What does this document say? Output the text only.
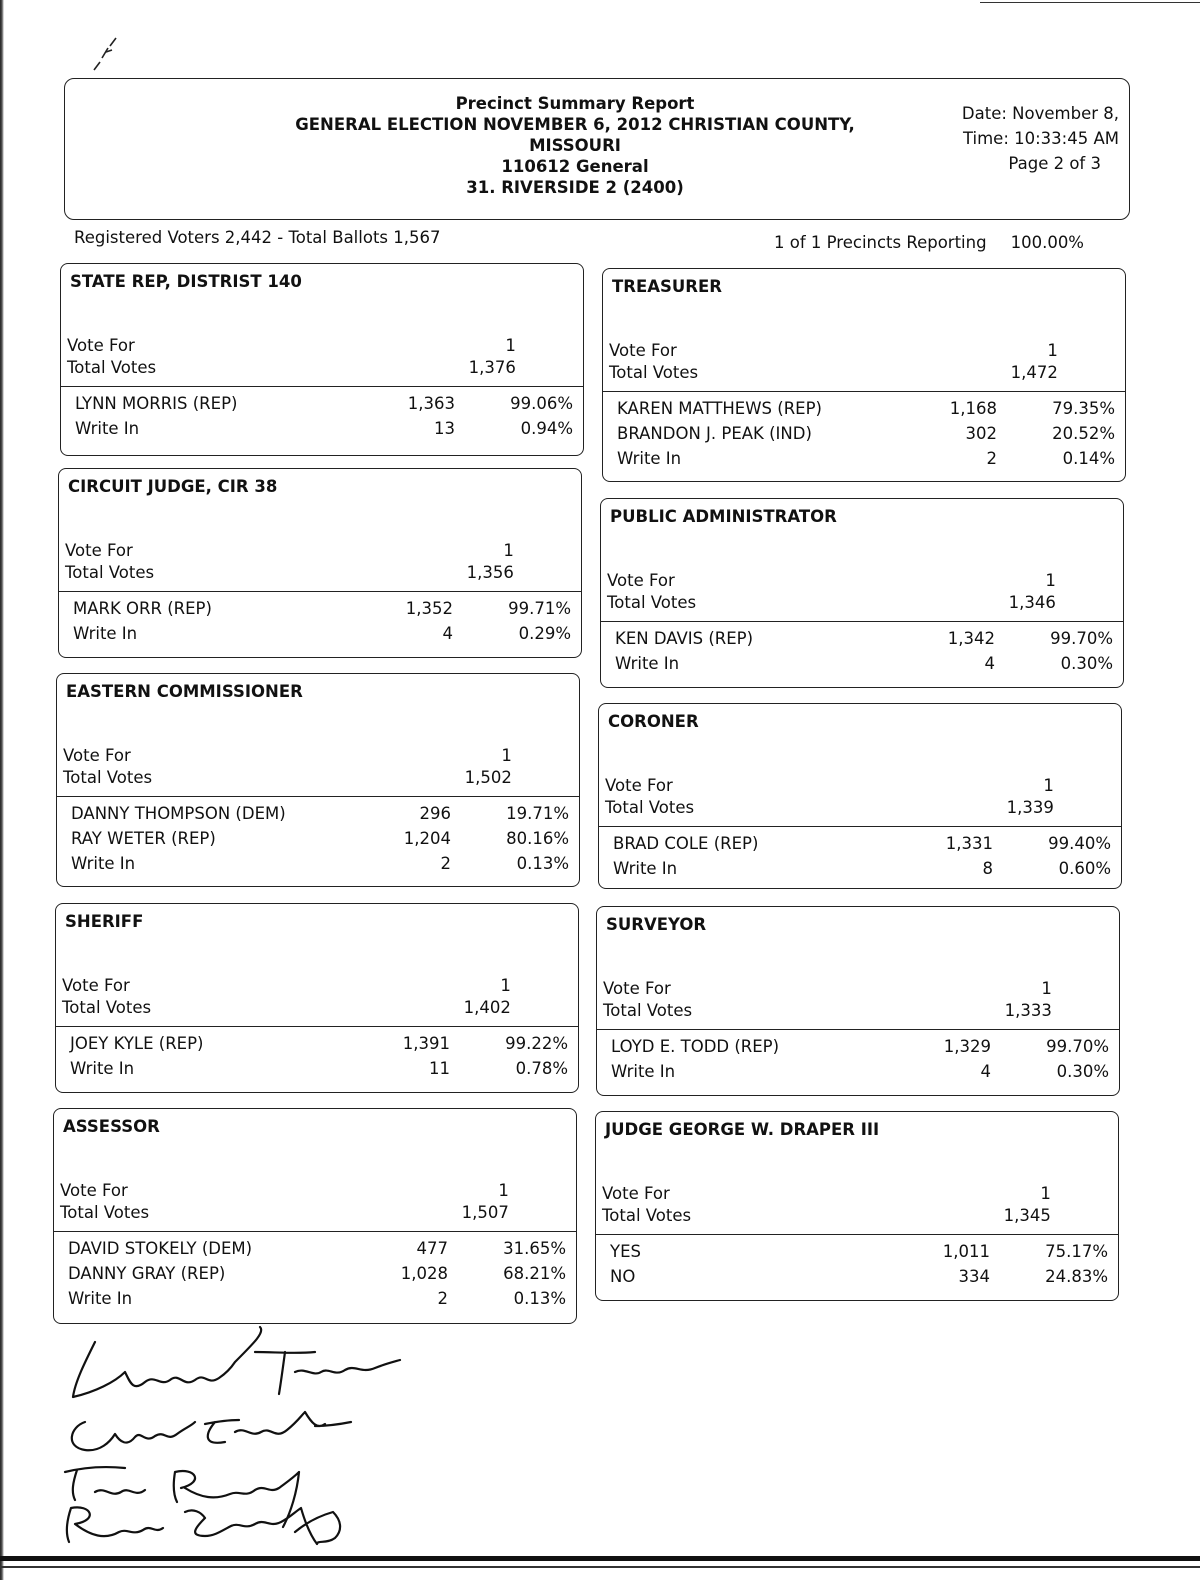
Precinct Summary Report
GENERAL ELECTION NOVEMBER 6, 2012 CHRISTIAN COUNTY,
MISSOURI
110612 General
31. RIVERSIDE 2 (2400)
Date: November 8,
Time: 10:33:45 AM
Page 2 of 3
Registered Voters 2,442 - Total Ballots 1,567	1 of 1 Precincts Reporting 100.00%
STATE REP, DISTRIST 140
Vote For	1
Total Votes	1,376
LYNN MORRIS (REP)	1,363	99.06%
Write In	13	0.94%
CIRCUIT JUDGE, CIR 38
Vote For	1
Total Votes	1,356
MARK ORR (REP)	1,352	99.71%
Write In	4	0.29%
EASTERN COMMISSIONER
Vote For	1
Total Votes	1,502
DANNY THOMPSON (DEM)	296	19.71%
RAY WETER (REP)	1,204	80.16%
Write In	2	0.13%
SHERIFF
Vote For	1
Total Votes	1,402
JOEY KYLE (REP)	1,391	99.22%
Write In	11	0.78%
ASSESSOR
Vote For	1
Total Votes	1,507
DAVID STOKELY (DEM)	477	31.65%
DANNY GRAY (REP)	1,028	68.21%
Write In	2	0.13%
TREASURER
Vote For	1
Total Votes	1,472
KAREN MATTHEWS (REP)	1,168	79.35%
BRANDON J. PEAK (IND)	302	20.52%
Write In	2	0.14%
PUBLIC ADMINISTRATOR
Vote For	1
Total Votes	1,346
KEN DAVIS (REP)	1,342	99.70%
Write In	4	0.30%
CORONER
Vote For	1
Total Votes	1,339
BRAD COLE (REP)	1,331	99.40%
Write In	8	0.60%
SURVEYOR
Vote For	1
Total Votes	1,333
LOYD E. TODD (REP)	1,329	99.70%
Write In	4	0.30%
JUDGE GEORGE W. DRAPER III
Vote For	1
Total Votes	1,345
YES	1,011	75.17%
NO	334	24.83%
